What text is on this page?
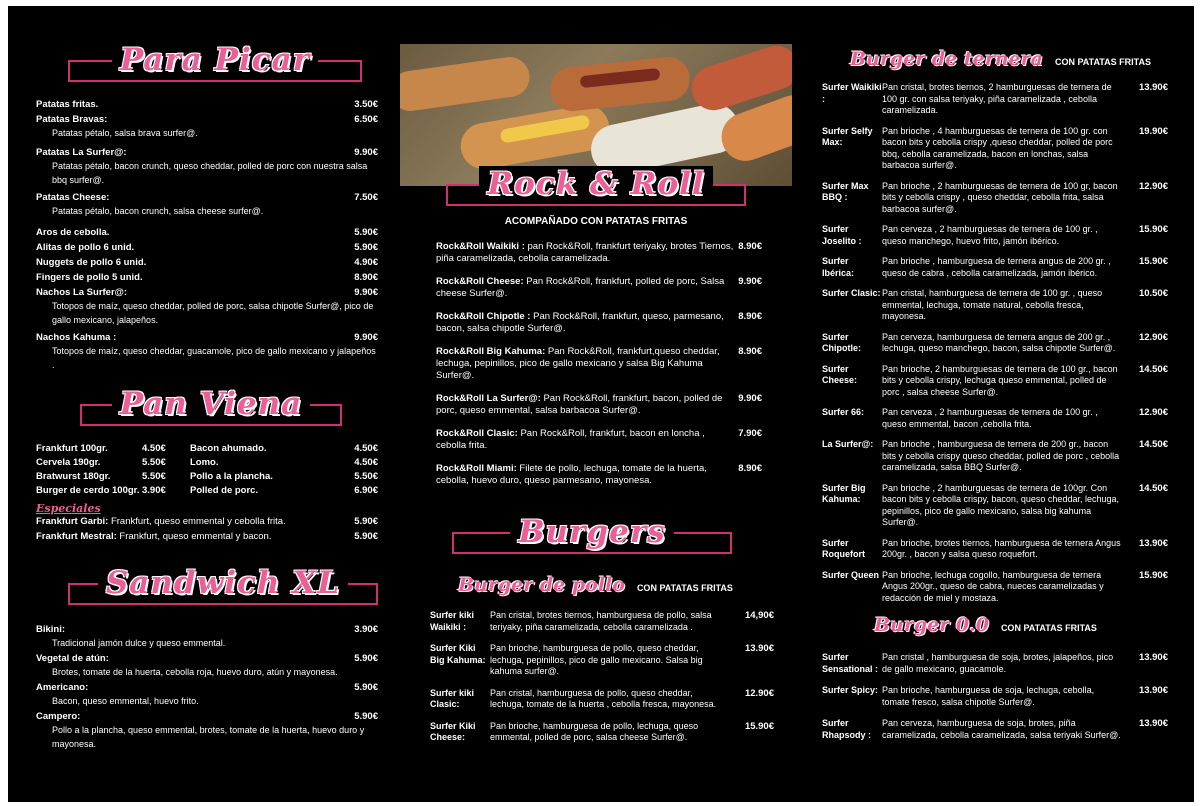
Para Picar
Patatas fritas.	3.50€
Patatas Bravas:	6.50€
Patatas pétalo, salsa brava surfer@.
Patatas La Surfer@:	9.90€
Patatas pétalo, bacon crunch, queso cheddar, polled de porc con nuestra salsa bbq surfer@.
Patatas Cheese:	7.50€
Patatas pétalo, bacon crunch, salsa cheese surfer@.
Aros de cebolla.	5.90€
Alitas de pollo 6 unid.	5.90€
Nuggets de pollo 6 unid.	4.90€
Fingers de pollo 5 unid.	8.90€
Nachos La Surfer@:	9.90€
Totopos de maíz, queso cheddar, polled de porc, salsa chipotle Surfer@, pico de gallo mexicano, jalapeños.
Nachos Kahuma :	9.90€
Totopos de maíz, queso cheddar, guacamole, pico de gallo mexicano y jalapeños .
Pan Viena
Frankfurt 100gr.	4.50€	Bacon ahumado.	4.50€
Cervela 190gr.	5.50€	Lomo.	4.50€
Bratwurst 180gr.	5.50€	Pollo a la plancha.	5.50€
Burger de cerdo 100gr. 3.90€	Polled de porc.	6.90€
Especiales
Frankfurt Garbi: Frankfurt, queso emmental y cebolla frita.	5.90€
Frankfurt Mestral: Frankfurt, queso emmental y bacon.	5.90€
Sandwich XL
Bikini:	3.90€
Tradicional jamón dulce y queso emmental.
Vegetal de atún:	5.90€
Brotes, tomate de la huerta, cebolla roja, huevo duro, atún y mayonesa.
Americano:	5.90€
Bacon, queso emmental, huevo frito.
Campero:	5.90€
Pollo a la plancha, queso emmental, brotes, tomate de la huerta, huevo duro y mayonesa.
Rock & Roll
ACOMPAÑADO CON PATATAS FRITAS
Rock&Roll Waikiki : pan Rock&Roll, frankfurt teriyaky, brotes Tiernos, piña caramelizada, cebolla caramelizada.
8.90€
Rock&Roll Cheese: Pan Rock&Roll, frankfurt, polled de porc, Salsa cheese Surfer@.
9.90€
Rock&Roll Chipotle : Pan Rock&Roll, frankfurt, queso, parmesano, bacon, salsa chipotle Surfer@.
8.90€
Rock&Roll Big Kahuma: Pan Rock&Roll, frankfurt,queso cheddar, lechuga, pepinillos, pico de gallo mexicano y salsa Big Kahuma Surfer@.
8.90€
Rock&Roll La Surfer@: Pan Rock&Roll, frankfurt, bacon, polled de porc, queso emmental, salsa barbacoa Surfer@.
9.90€
Rock&Roll Clasic: Pan Rock&Roll, frankfurt, bacon en loncha , cebolla frita.
7.90€
Rock&Roll Miami: Filete de pollo, lechuga, tomate de la huerta, cebolla, huevo duro, queso parmesano, mayonesa.
8.90€
Burgers
Burger de pollo CON PATATAS FRITAS
Surfer kiki Waikiki :
Pan cristal, brotes tiernos, hamburguesa de pollo, salsa teriyaky, piña caramelizada, cebolla caramelizada .
14,90€
Surfer Kiki Big Kahuma:
Pan brioche, hamburguesa de pollo, queso cheddar, lechuga, pepinillos, pico de gallo mexicano. Salsa big kahuma surfer@.
13.90€
Surfer kiki Clasic:
Pan cristal, hamburguesa de pollo, queso cheddar, lechuga, tomate de la huerta , cebolla fresca, mayonesa.
12.90€
Surfer Kiki Cheese:
Pan brioche, hamburguesa de pollo, lechuga, queso emmental, polled de porc, salsa cheese Surfer@.
15.90€
Burger de ternera CON PATATAS FRITAS
Surfer Waikiki :
Pan cristal, brotes tiernos, 2 hamburguesas de ternera de 100 gr. con salsa teriyaky, piña caramelizada , cebolla caramelizada.
13.90€
Surfer Selfy Max:
Pan brioche , 4 hamburguesas de ternera de 100 gr. con bacon bits y cebolla crispy ,queso cheddar, polled de porc bbq, cebolla caramelizada, bacon en lonchas, salsa barbacoa surfer@.
19.90€
Surfer Max BBQ :
Pan brioche , 2 hamburguesas de ternera de 100 gr, bacon bits y cebolla crispy , queso cheddar, cebolla frita, salsa barbacoa surfer@.
12.90€
Surfer Joselito :
Pan cerveza , 2 hamburguesas de ternera de 100 gr. , queso manchego, huevo frito, jamón ibérico.
15.90€
Surfer Ibérica:
Pan brioche , hamburguesa de ternera angus de 200 gr. , queso de cabra , cebolla caramelizada, jamón ibérico.
15.90€
Surfer Clasic: Pan cristal, hamburguesa de ternera de 100 gr. , queso emmental, lechuga, tomate natural, cebolla fresca, mayonesa.
10.50€
Surfer Chipotle:
Pan cerveza, hamburguesa de ternera angus de 200 gr. , lechuga, queso manchego, bacon, salsa chipotle Surfer@.
12.90€
Surfer Cheese:
Pan brioche, 2 hamburguesas de ternera de 100 gr., bacon bits y cebolla crispy, lechuga queso emmental, polled de porc , salsa cheese Surfer@.
14.50€
Surfer 66:	Pan cerveza , 2 hamburguesas de ternera de 100 gr. , queso emmental, bacon ,cebolla frita.
12.90€
La Surfer@: Pan brioche , hamburguesa de ternera de 200 gr., bacon bits y cebolla crispy queso cheddar, polled de porc , cebolla caramelizada, salsa BBQ Surfer@.
14.50€
Surfer Big Kahuma:
Pan brioche , 2 hamburguesas de ternera de 100gr. Con bacon bits y cebolla crispy, bacon, queso cheddar, lechuga, pepinillos, pico de gallo mexicano, salsa big kahuma Surfer@.
14.50€
Surfer Roquefort
Pan brioche, brotes tiernos, hamburguesa de ternera Angus 200gr. , bacon y salsa queso roquefort.
13.90€
Surfer Queen Pan brioche, lechuga cogollo, hamburguesa de ternera Angus 200gr., queso de cabra, nueces caramelizadas y redacción de miel y mostaza.
15.90€
Burger 0.0 CON PATATAS FRITAS
Surfer Sensational :
Pan cristal , hamburguesa de soja, brotes, jalapeños, pico de gallo mexicano, guacamole.
13.90€
Surfer Spicy: Pan brioche, hamburguesa de soja, lechuga, cebolla, tomate fresco, salsa chipotle Surfer@.
13.90€
Surfer Rhapsody :
Pan cerveza, hamburguesa de soja, brotes, piña caramelizada, cebolla caramelizada, salsa teriyaki Surfer@.
13.90€
